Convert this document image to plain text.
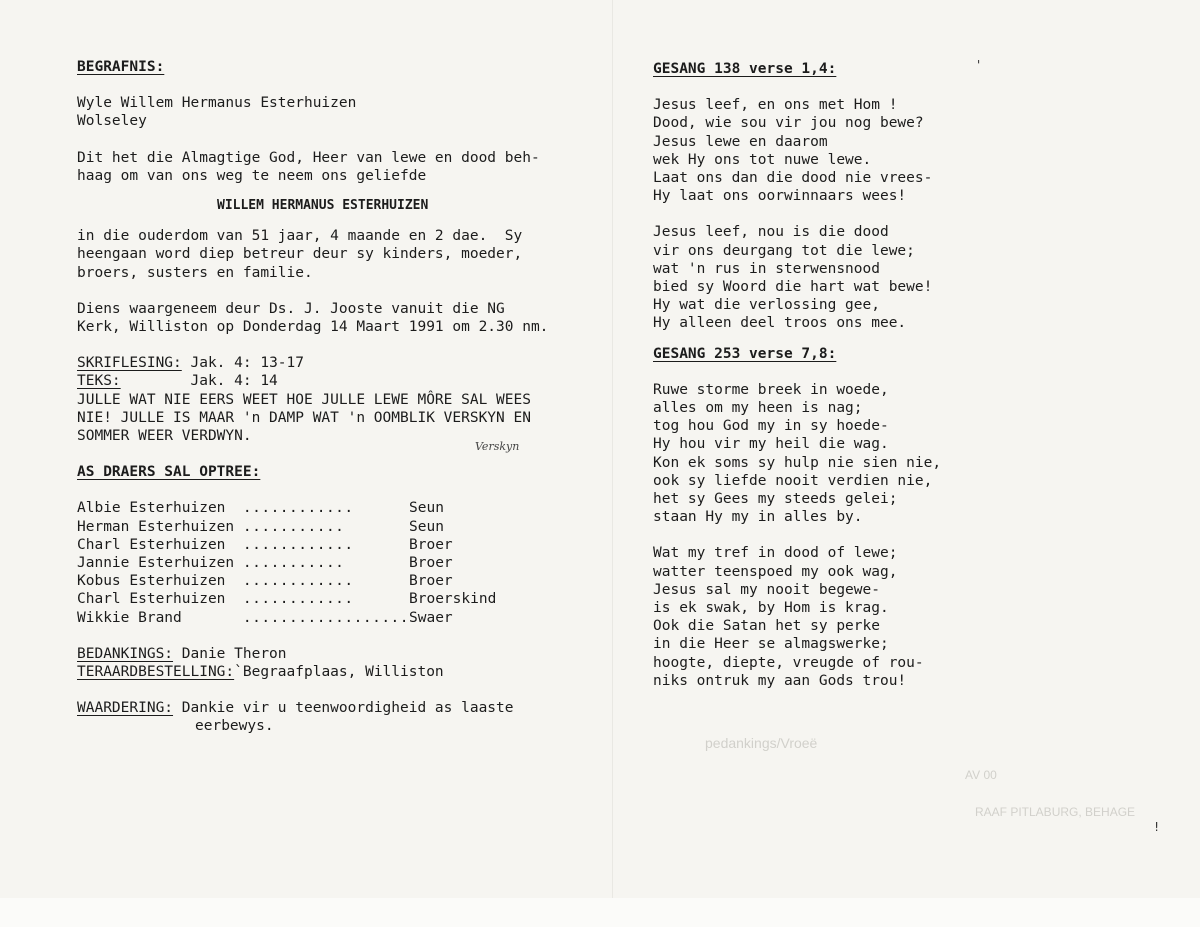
pedankings/Vroeë
AV 00
RAAF PITLABURG, BEHAGE
BEGRAFNIS:
Wyle Willem Hermanus Esterhuizen
Wolseley
Dit het die Almagtige God, Heer van lewe en dood beh-
haag om van ons weg te neem ons geliefde
WILLEM HERMANUS ESTERHUIZEN
in die ouderdom van 51 jaar, 4 maande en 2 dae.  Sy
heengaan word diep betreur deur sy kinders, moeder,
broers, susters en familie.
Diens waargeneem deur Ds. J. Jooste vanuit die NG
Kerk, Williston op Donderdag 14 Maart 1991 om 2.30 nm.
SKRIFLESING: Jak. 4: 13-17
TEKS:        Jak. 4: 14
JULLE WAT NIE EERS WEET HOE JULLE LEWE MÔRE SAL WEES
NIE! JULLE IS MAAR 'n DAMP WAT 'n OOMBLIK VERSKYN EN
SOMMER WEER VERDWYN.
AS DRAERS SAL OPTREE:
Albie Esterhuizen	............	Seun
Herman Esterhuizen	...........	Seun
Charl Esterhuizen	............	Broer
Jannie Esterhuizen	...........	Broer
Kobus Esterhuizen	............	Broer
Charl Esterhuizen	............	Broerskind
Wikkie Brand	..................	Swaer
BEDANKINGS: Danie Theron
TERAARDBESTELLING:`Begraafplaas, Williston
WAARDERING: Dankie vir u teenwoordigheid as laaste
eerbewys.
Verskyn
GESANG 138 verse 1,4:
Jesus leef, en ons met Hom !
Dood, wie sou vir jou nog bewe?
Jesus lewe en daarom
wek Hy ons tot nuwe lewe.
Laat ons dan die dood nie vrees-
Hy laat ons oorwinnaars wees!
Jesus leef, nou is die dood
vir ons deurgang tot die lewe;
wat 'n rus in sterwensnood
bied sy Woord die hart wat bewe!
Hy wat die verlossing gee,
Hy alleen deel troos ons mee.
GESANG 253 verse 7,8:
Ruwe storme breek in woede,
alles om my heen is nag;
tog hou God my in sy hoede-
Hy hou vir my heil die wag.
Kon ek soms sy hulp nie sien nie,
ook sy liefde nooit verdien nie,
het sy Gees my steeds gelei;
staan Hy my in alles by.
Wat my tref in dood of lewe;
watter teenspoed my ook wag,
Jesus sal my nooit begewe-
is ek swak, by Hom is krag.
Ook die Satan het sy perke
in die Heer se almagswerke;
hoogte, diepte, vreugde of rou-
niks ontruk my aan Gods trou!
'
!
